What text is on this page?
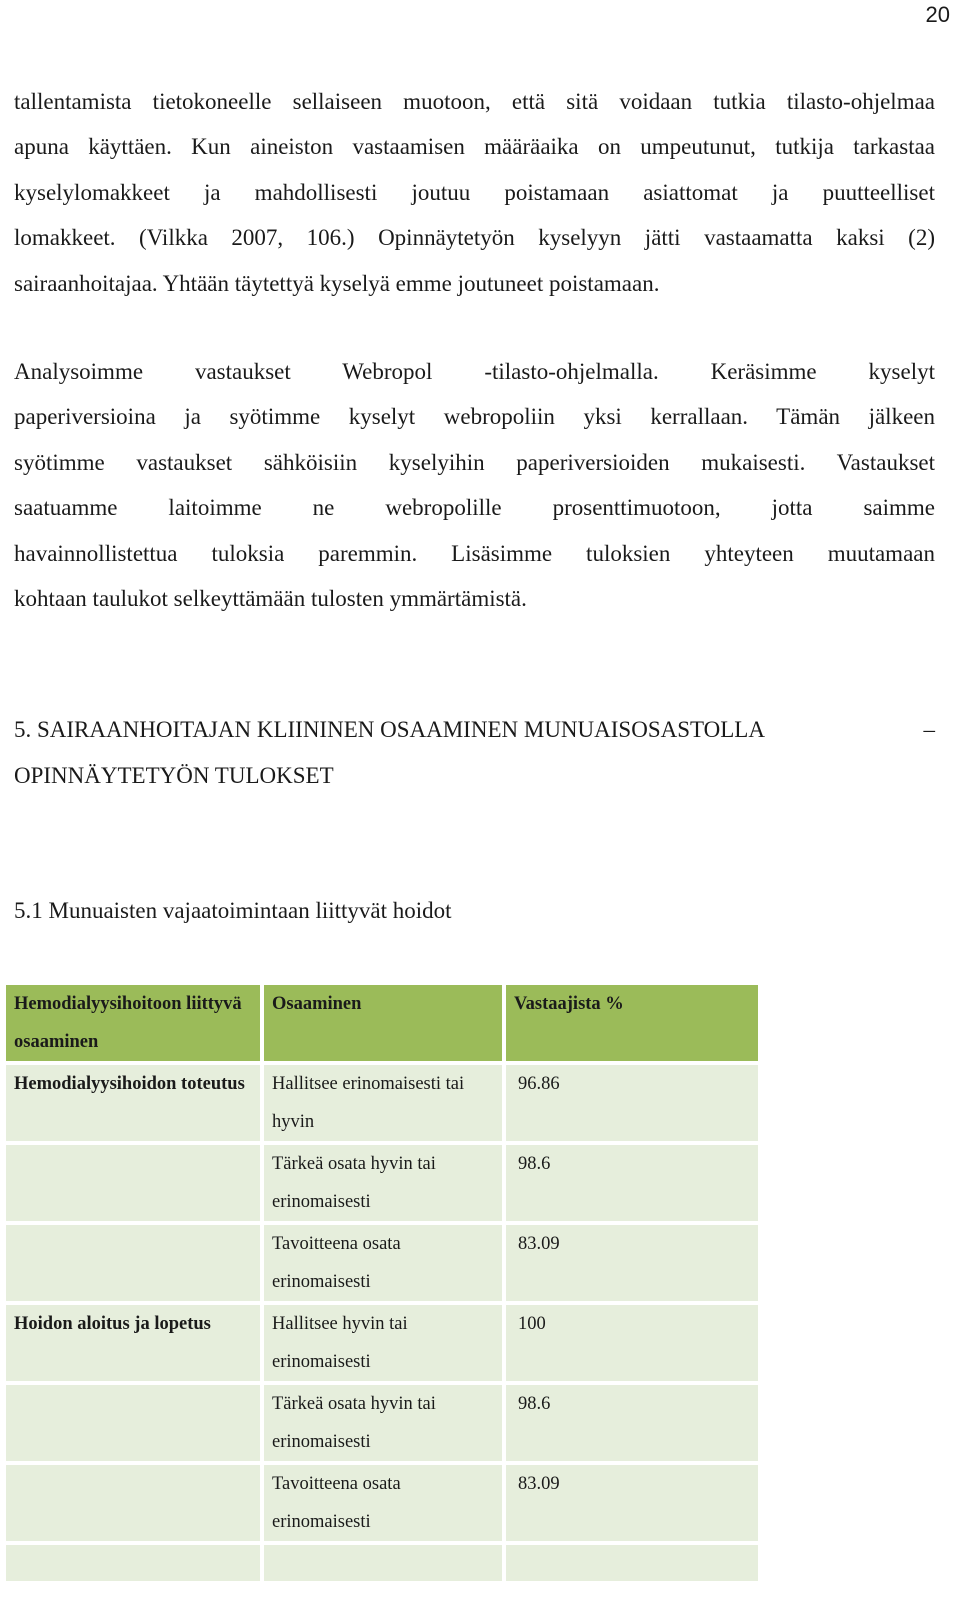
20
tallentamista tietokoneelle sellaiseen muotoon, että sitä voidaan tutkia tilasto-ohjelmaa
apuna käyttäen. Kun aineiston vastaamisen määräaika on umpeutunut, tutkija tarkastaa
kyselylomakkeet ja mahdollisesti joutuu poistamaan asiattomat ja puutteelliset
lomakkeet. (Vilkka 2007, 106.) Opinnäytetyön kyselyyn jätti vastaamatta kaksi (2)
sairaanhoitajaa. Yhtään täytettyä kyselyä emme joutuneet poistamaan.
Analysoimme vastaukset Webropol -tilasto-ohjelmalla. Keräsimme kyselyt
paperiversioina ja syötimme kyselyt webropoliin yksi kerrallaan. Tämän jälkeen
syötimme vastaukset sähköisiin kyselyihin paperiversioiden mukaisesti. Vastaukset
saatuamme laitoimme ne webropolille prosenttimuotoon, jotta saimme
havainnollistettua tuloksia paremmin. Lisäsimme tuloksien yhteyteen muutamaan
kohtaan taulukot selkeyttämään tulosten ymmärtämistä.
5. SAIRAANHOITAJAN KLIININEN OSAAMINEN MUNUAISOSASTOLLA	–
OPINNÄYTETYÖN TULOKSET
5.1 Munuaisten vajaatoimintaan liittyvät hoidot
Hemodialyysihoitoon liittyvä osaaminen	Osaaminen	Vastaajista %
Hemodialyysihoidon toteutus	Hallitsee erinomaisesti tai hyvin	96.86
	Tärkeä osata hyvin tai erinomaisesti	98.6
	Tavoitteena osata erinomaisesti	83.09
Hoidon aloitus ja lopetus	Hallitsee hyvin tai erinomaisesti	100
	Tärkeä osata hyvin tai erinomaisesti	98.6
	Tavoitteena osata erinomaisesti	83.09
